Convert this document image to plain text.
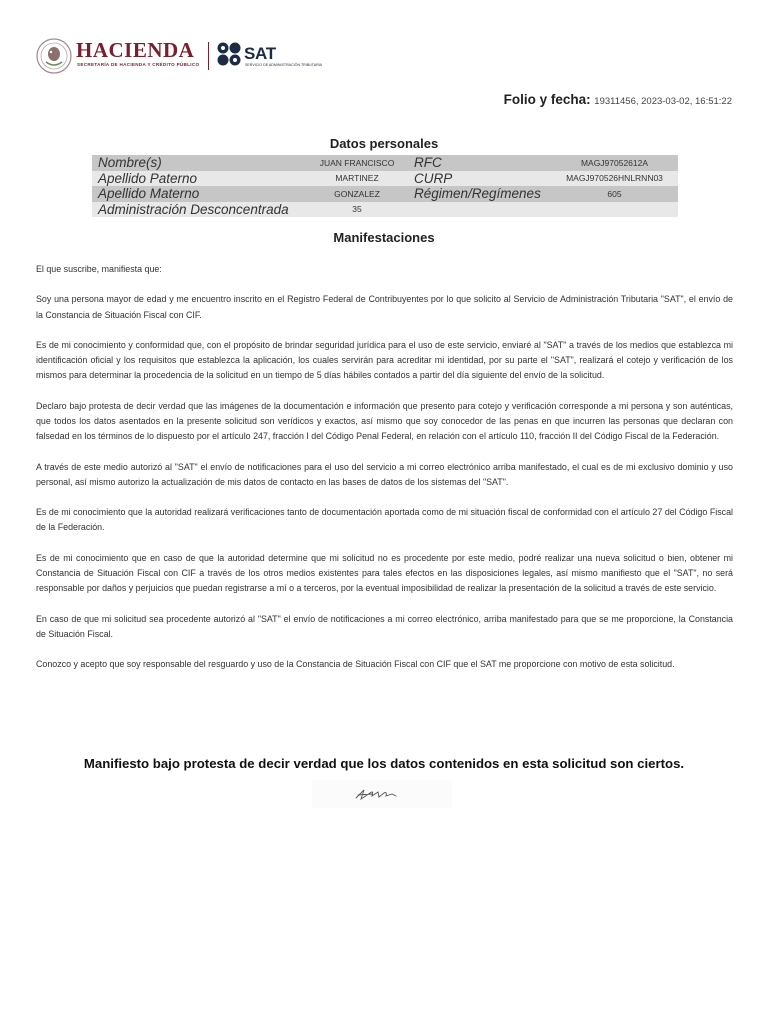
HACIENDA
SECRETARÍA DE HACIENDA Y CRÉDITO PÚBLICO
SAT
SERVICIO DE ADMINISTRACIÓN TRIBUTARIA
Folio y fecha: 19311456, 2023-03-02, 16:51:22
Datos personales
Nombre(s)	JUAN FRANCISCO	RFC	MAGJ97052612A
Apellido Paterno	MARTINEZ	CURP	MAGJ970526HNLRNN03
Apellido Materno	GONZALEZ	Régimen/Regímenes	605
Administración Desconcentrada	35		
Manifestaciones

El que suscribe, manifiesta que:

Soy una persona mayor de edad y me encuentro inscrito en el Registro Federal de Contribuyentes por lo que solicito al Servicio de Administración Tributaria "SAT", el envío de la Constancia de Situación Fiscal con CIF.

Es de mi conocimiento y conformidad que, con el propósito de brindar seguridad jurídica para el uso de este servicio, enviaré al "SAT" a través de los medios que establezca mi identificación oficial y los requisitos que establezca la aplicación, los cuales servirán para acreditar mi identidad, por su parte el "SAT", realizará el cotejo y verificación de los mismos para determinar la procedencia de la solicitud en un tiempo de 5 días hábiles contados a partir del día siguiente del envío de la solicitud.

Declaro bajo protesta de decir verdad que las imágenes de la documentación e información que presento para cotejo y verificación corresponde a mi persona y son auténticas, que todos los datos asentados en la presente solicitud son verídicos y exactos, así mismo que soy conocedor de las penas en que incurren las personas que declaran con falsedad en los términos de lo dispuesto por el artículo 247, fracción I del Código Penal Federal, en relación con el artículo 110, fracción II del Código Fiscal de la Federación.

A través de este medio autorizó al "SAT" el envío de notificaciones para el uso del servicio a mi correo electrónico arriba manifestado, el cual es de mi exclusivo dominio y uso personal, así mismo autorizo la actualización de mis datos de contacto en las bases de datos de los sistemas del "SAT".

Es de mi conocimiento que la autoridad realizará verificaciones tanto de documentación aportada como de mi situación fiscal de conformidad con el artículo 27 del Código Fiscal de la Federación.

Es de mi conocimiento que en caso de que la autoridad determine que mi solicitud no es procedente por este medio, podré realizar una nueva solicitud o bien, obtener mi Constancia de Situación Fiscal con CIF a través de los otros medios existentes para tales efectos en las disposiciones legales, así mismo manifiesto que el "SAT", no será responsable por daños y perjuicios que puedan registrarse a mí o a terceros, por la eventual imposibilidad de realizar la presentación de la solicitud a través de este servicio.

En caso de que mi solicitud sea procedente autorizó al "SAT" el envío de notificaciones a mi correo electrónico, arriba manifestado para que se me proporcione, la Constancia de Situación Fiscal.

Conozco y acepto que soy responsable del resguardo y uso de la Constancia de Situación Fiscal con CIF que el SAT me proporcione con motivo de esta solicitud.

Manifiesto bajo protesta de decir verdad que los datos contenidos en esta solicitud son ciertos.
